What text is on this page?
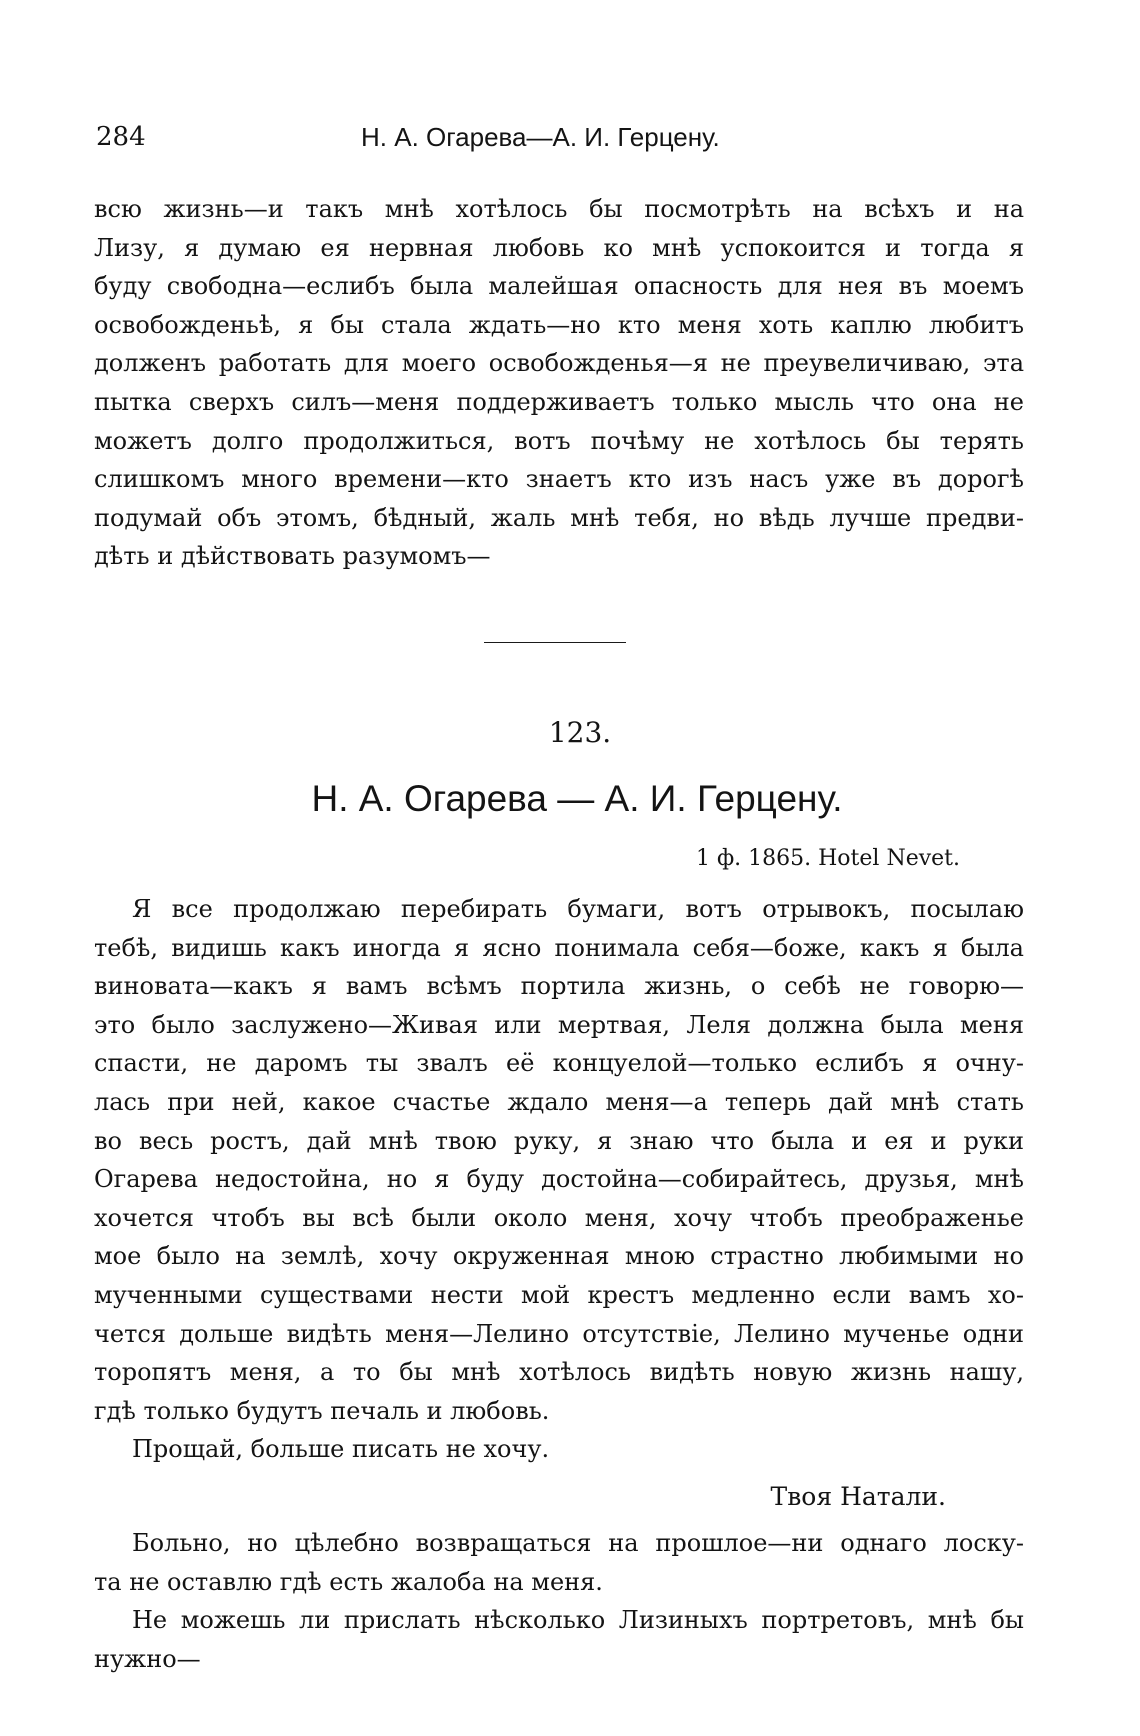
284	Н. А. Огарева—А. И. Герцену.
всю жизнь—и такъ мнѣ хотѣлось бы посмотрѣть на всѣхъ и на
Лизу, я думаю ея нервная любовь ко мнѣ успокоится и тогда я
буду свободна—еслибъ была малейшая опасность для нея въ моемъ
освобожденьѣ, я бы стала ждать—но кто меня хоть каплю любитъ
долженъ работать для моего освобожденья—я не преувеличиваю, эта
пытка сверхъ силъ—меня поддерживаетъ только мысль что она не
можетъ долго продолжиться, вотъ почѣму не хотѣлось бы терять
слишкомъ много времени—кто знаетъ кто изъ насъ уже въ дорогѣ
подумай объ этомъ, бѣдный, жаль мнѣ тебя, но вѣдь лучше предви-
дѣть и дѣйствовать разумомъ—
123.
Н. А. Огарева — А. И. Герцену.
1 ф. 1865. Hotel Nevet.
Я все продолжаю перебирать бумаги, вотъ отрывокъ, посылаю
тебѣ, видишь какъ иногда я ясно понимала себя—боже, какъ я была
виновата—какъ я вамъ всѣмъ портила жизнь, о себѣ не говорю—
это было заслужено—Живая или мертвая, Леля должна была меня
спасти, не даромъ ты звалъ её концуелой—только еслибъ я очну-
лась при ней, какое счастье ждало меня—а теперь дай мнѣ стать
во весь ростъ, дай мнѣ твою руку, я знаю что была и ея и руки
Огарева недостойна, но я буду достойна—собирайтесь, друзья, мнѣ
хочется чтобъ вы всѣ были около меня, хочу чтобъ преображенье
мое было на землѣ, хочу окруженная мною страстно любимыми но
мученными существами нести мой крестъ медленно если вамъ хо-
чется дольше видѣть меня—Лелино отсутствіе, Лелино мученье одни
торопятъ меня, а то бы мнѣ хотѣлось видѣть новую жизнь нашу,
гдѣ только будутъ печаль и любовь.
Прощай, больше писать не хочу.
Твоя Натали.
Больно, но цѣлебно возвращаться на прошлое—ни однаго лоску-
та не оставлю гдѣ есть жалоба на меня.
Не можешь ли прислать нѣсколько Лизиныхъ портретовъ, мнѣ бы
нужно—
